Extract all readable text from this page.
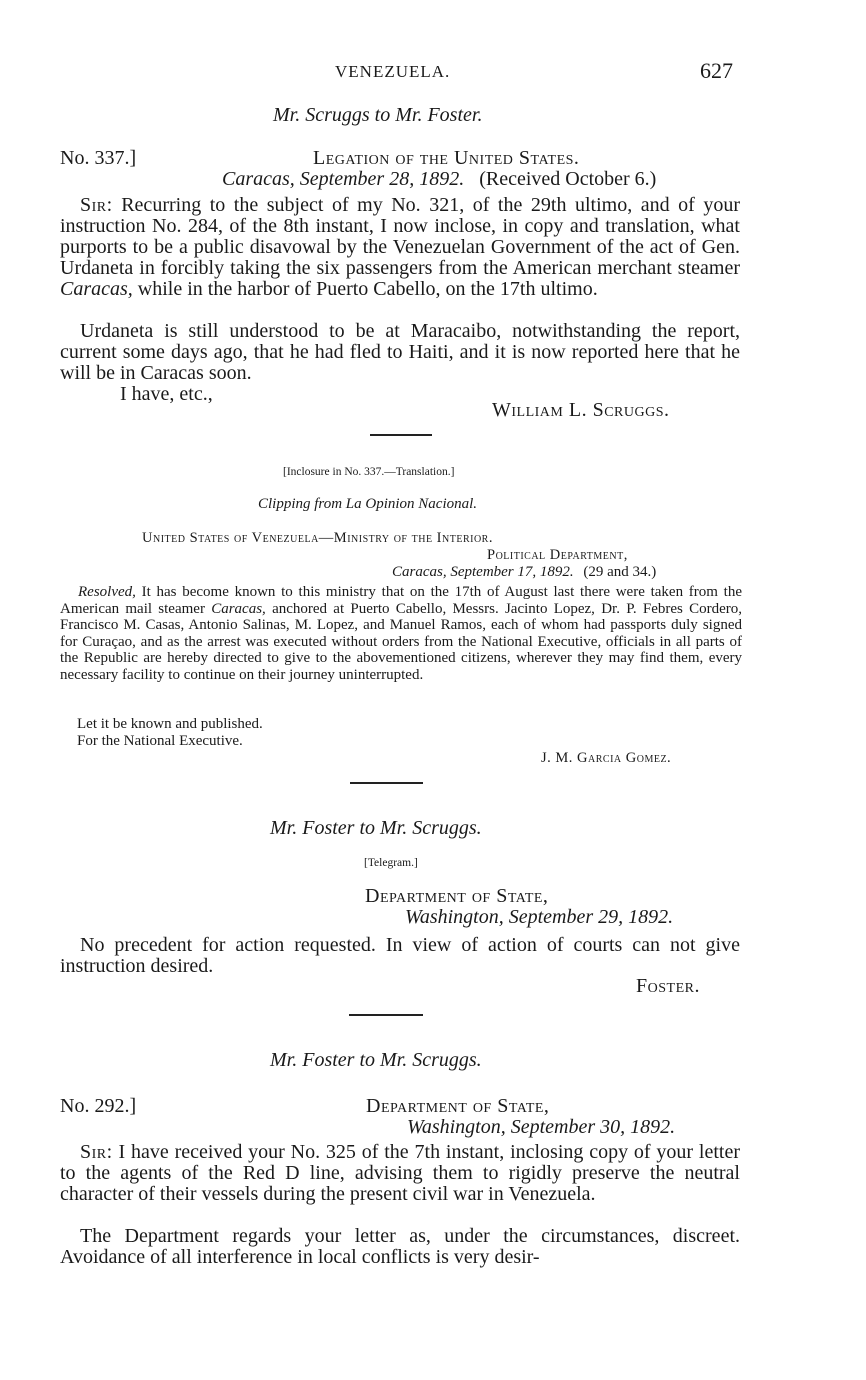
VENEZUELA.	627
Mr. Scruggs to Mr. Foster.
No. 337.]	Legation of the United States.
Caracas, September 28, 1892. (Received October 6.)
Sir: Recurring to the subject of my No. 321, of the 29th ultimo, and of your instruction No. 284, of the 8th instant, I now inclose, in copy and translation, what purports to be a public disavowal by the Venezuelan Government of the act of Gen. Urdaneta in forcibly taking the six passengers from the American merchant steamer Caracas, while in the harbor of Puerto Cabello, on the 17th ultimo.
Urdaneta is still understood to be at Maracaibo, notwithstanding the report, current some days ago, that he had fled to Haiti, and it is now reported here that he will be in Caracas soon.
I have, etc.,
William L. Scruggs.
[Inclosure in No. 337.—Translation.]
Clipping from La Opinion Nacional.
United States of Venezuela—Ministry of the Interior.
Political Department,
Caracas, September 17, 1892. (29 and 34.)
Resolved, It has become known to this ministry that on the 17th of August last there were taken from the American mail steamer Caracas, anchored at Puerto Cabello, Messrs. Jacinto Lopez, Dr. P. Febres Cordero, Francisco M. Casas, Antonio Salinas, M. Lopez, and Manuel Ramos, each of whom had passports duly signed for Curaçao, and as the arrest was executed without orders from the National Executive, officials in all parts of the Republic are hereby directed to give to the abovementioned citizens, wherever they may find them, every necessary facility to continue on their journey uninterrupted.
Let it be known and published.
For the National Executive.
J. M. Garcia Gomez.
Mr. Foster to Mr. Scruggs.
[Telegram.]
Department of State,
Washington, September 29, 1892.
No precedent for action requested. In view of action of courts can not give instruction desired.
Foster.
Mr. Foster to Mr. Scruggs.
No. 292.]	Department of State,
Washington, September 30, 1892.
Sir: I have received your No. 325 of the 7th instant, inclosing copy of your letter to the agents of the Red D line, advising them to rigidly preserve the neutral character of their vessels during the present civil war in Venezuela.
The Department regards your letter as, under the circumstances, discreet. Avoidance of all interference in local conflicts is very desir-
